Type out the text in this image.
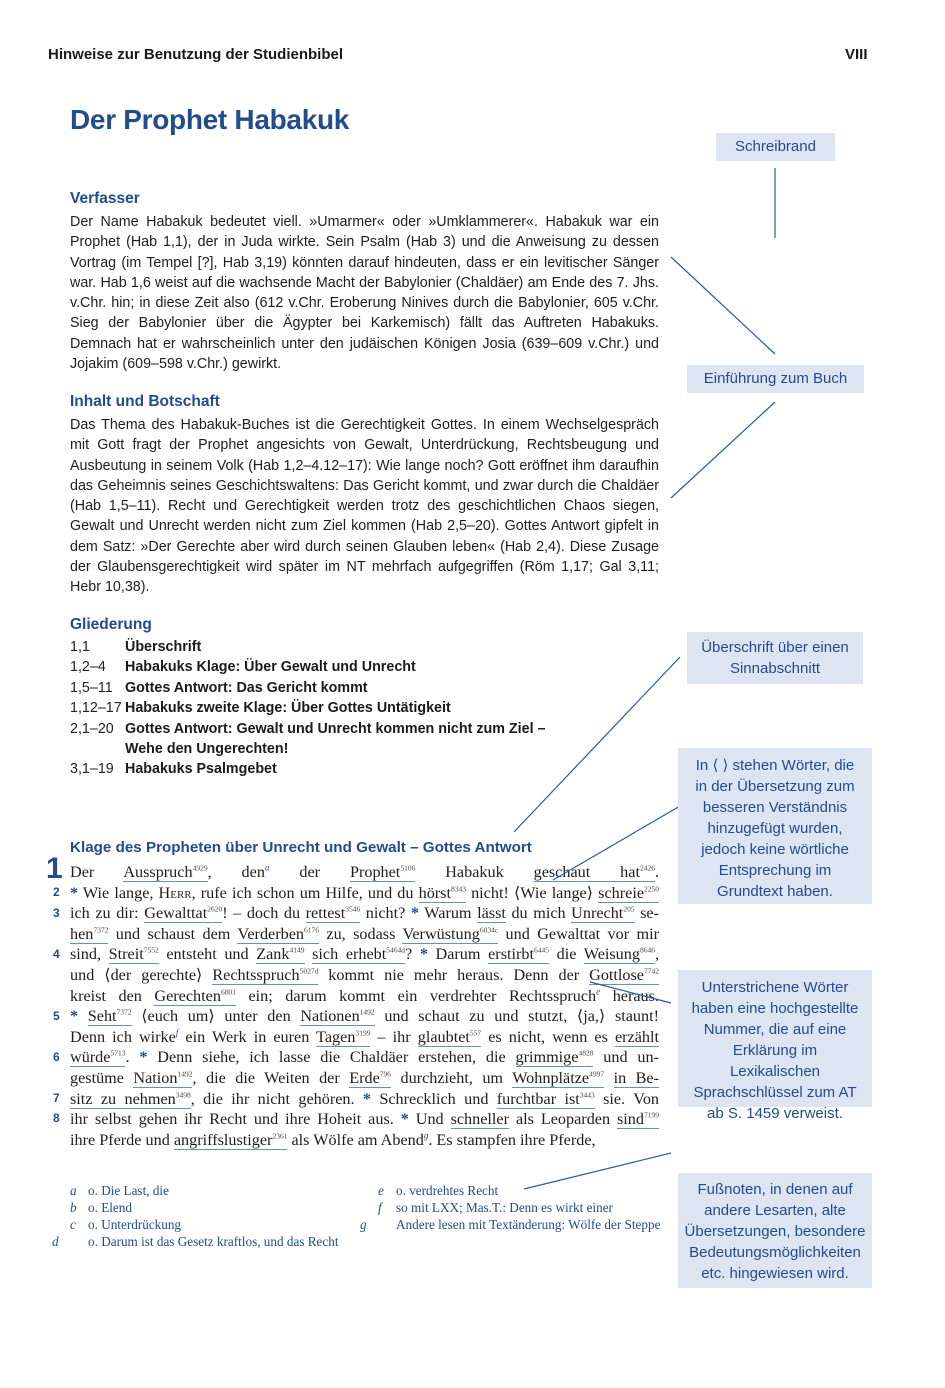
Hinweise zur Benutzung der Studienbibel	VIII
Der Prophet Habakuk
Verfasser
Der Name Habakuk bedeutet viell. »Umarmer« oder »Umklammerer«. Habakuk war ein Prophet (Hab 1,1), der in Juda wirkte. Sein Psalm (Hab 3) und die Anweisung zu dessen Vortrag (im Tempel [?], Hab 3,19) könnten darauf hindeuten, dass er ein levitischer Sänger war. Hab 1,6 weist auf die wachsende Macht der Babylonier (Chaldäer) am Ende des 7. Jhs. v.Chr. hin; in diese Zeit also (612 v.Chr. Eroberung Ninives durch die Babylonier, 605 v.Chr. Sieg der Babylonier über die Ägypter bei Karkemisch) fällt das Auftreten Habakuks. Demnach hat er wahrscheinlich unter den judäischen Königen Josia (639–609 v.Chr.) und Jojakim (609–598 v.Chr.) gewirkt.
Inhalt und Botschaft
Das Thema des Habakuk-Buches ist die Gerechtigkeit Gottes. In einem Wechselgespräch mit Gott fragt der Prophet angesichts von Gewalt, Unterdrückung, Rechtsbeugung und Ausbeutung in seinem Volk (Hab 1,2–4.12–17): Wie lange noch? Gott eröffnet ihm daraufhin das Geheimnis seines Geschichtswaltens: Das Gericht kommt, und zwar durch die Chaldäer (Hab 1,5–11). Recht und Gerechtigkeit werden trotz des geschichtlichen Chaos siegen, Gewalt und Unrecht werden nicht zum Ziel kommen (Hab 2,5–20). Gottes Antwort gipfelt in dem Satz: »Der Gerechte aber wird durch seinen Glauben leben« (Hab 2,4). Diese Zusage der Glaubensgerechtigkeit wird später im NT mehrfach aufgegriffen (Röm 1,17; Gal 3,11; Hebr 10,38).
Gliederung
1,1	Überschrift
1,2–4	Habakuks Klage: Über Gewalt und Unrecht
1,5–11 Gottes Antwort: Das Gericht kommt
1,12–17 Habakuks zweite Klage: Über Gottes Untätigkeit
2,1–20 Gottes Antwort: Gewalt und Unrecht kommen nicht zum Ziel –
Wehe den Ungerechten!
3,1–19 Habakuks Psalmgebet
Klage des Propheten über Unrecht und Gewalt – Gottes Antwort
1
2
3
4
5
6
7
8
Der Ausspruch$^{4929}$, den$^a$ der Prophet$^{5106}$ Habakuk geschaut hat$^{2426}$.
* Wie lange, Herr, rufe ich schon um Hilfe, und du hörst$^{8343}$ nicht! ⟨Wie lange⟩ schreie$^{2250}$
ich zu dir: Gewalttat$^{2620}$! – doch du rettest$^{3546}$ nicht? * Warum lässt du mich Unrecht$^{205}$ se-
hen$^{7372}$ und schaust dem Verderben$^{6176}$ zu, sodass Verwüstung$^{6034c}$ und Gewalttat vor mir
sind, Streit$^{7552}$ entsteht und Zank$^{4149}$ sich erhebt$^{5464d}$? * Darum erstirbt$^{6445}$ die Weisung$^{8646}$,
und ⟨der gerechte⟩ Rechtsspruch$^{5027d}$ kommt nie mehr heraus. Denn der Gottlose$^{7742}$
kreist den Gerechten$^{6801}$ ein; darum kommt ein verdrehter Rechtsspruch$^e$ heraus.
* Seht$^{7372}$ ⟨euch um⟩ unter den Nationen$^{1492}$ und schaut zu und stutzt, ⟨ja,⟩ staunt!
Denn ich wirke$^f$ ein Werk in euren Tagen$^{3199}$ – ihr glaubtet$^{557}$ es nicht, wenn es erzählt
würde$^{5713}$. * Denn siehe, ich lasse die Chaldäer erstehen, die grimmige$^{4828}$ und un-
gestüme Nation$^{1492}$, die die Weiten der Erde$^{796}$ durchzieht, um Wohnplätze$^{4997}$ in Be-
sitz zu nehmen$^{3498}$, die ihr nicht gehören. * Schrecklich und furchtbar ist$^{3443}$ sie. Von
ihr selbst gehen ihr Recht und ihre Hoheit aus. * Und schneller als Leoparden sind$^{7199}$
ihre Pferde und angriffslustiger$^{2361}$ als Wölfe am Abend$^g$. Es stampfen ihre Pferde,
a o. Die Last, die
b o. Elend
c o. Unterdrückung
d o. Darum ist das Gesetz kraftlos, und das Recht
e o. verdrehtes Recht
f so mit LXX; Mas.T.: Denn es wirkt einer
g Andere lesen mit Textänderung: Wölfe der Steppe
Schreibrand
Einführung zum Buch
Überschrift über einen Sinnabschnitt
In ⟨ ⟩ stehen Wörter, die in der Übersetzung zum besseren Verständnis hinzugefügt wurden, jedoch keine wörtliche Entsprechung im Grundtext haben.
Unterstrichene Wörter haben eine hochgestellte Nummer, die auf eine Erklärung im Lexikalischen Sprachschlüssel zum AT ab S. 1459 verweist.
Fußnoten, in denen auf andere Lesarten, alte Übersetzungen, besondere Bedeutungsmöglichkeiten etc. hingewiesen wird.
